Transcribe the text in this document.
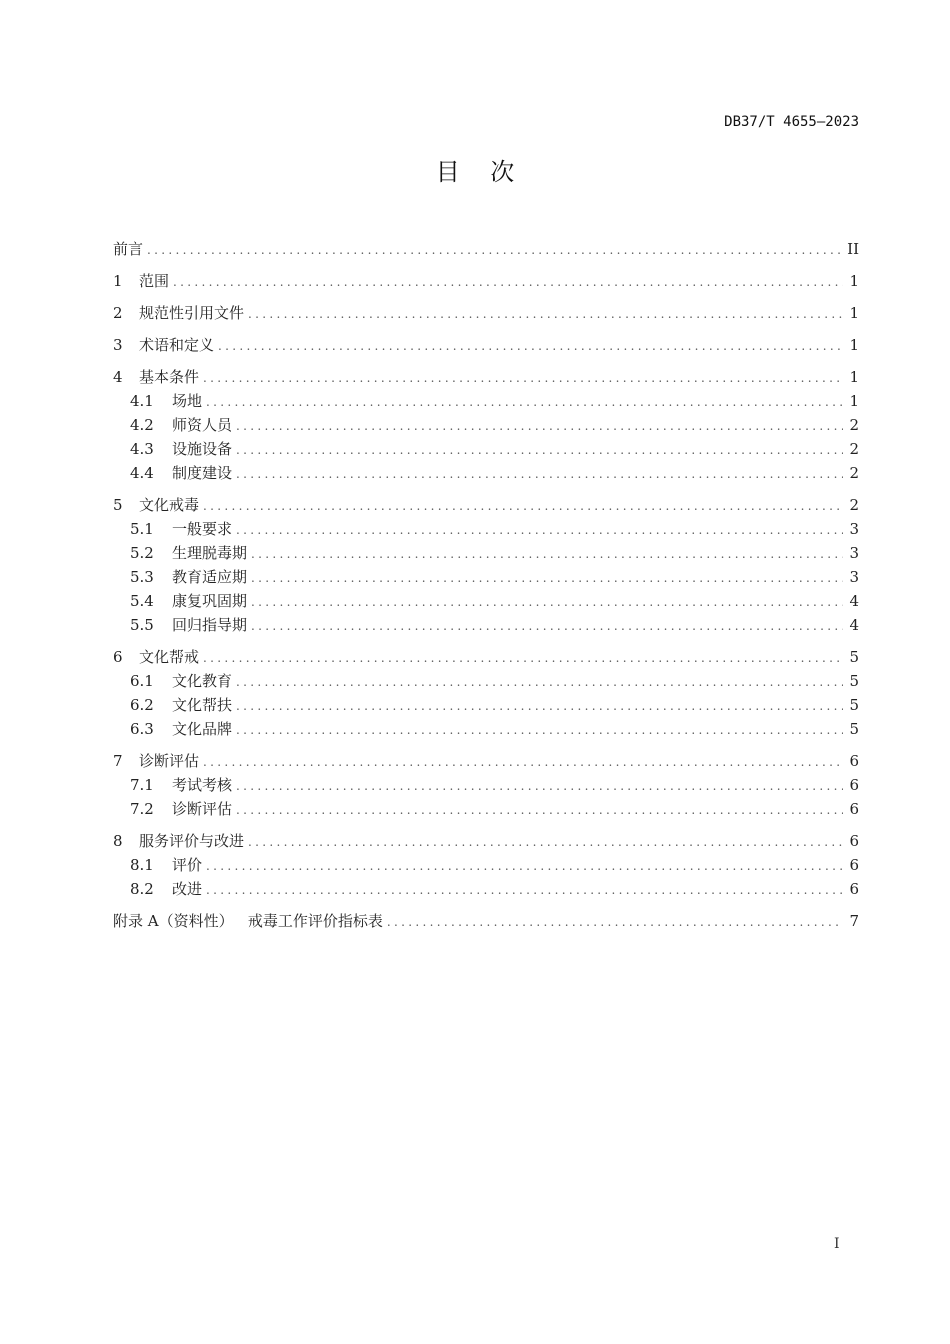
DB37/T 4655—2023
目    次
前言 .....	II
1	范围 .....	1
2	规范性引用文件 .....	1
3	术语和定义 .....	1
4	基本条件 .....	1
4.1	场地 .....	1
4.2	师资人员 .....	2
4.3	设施设备 .....	2
4.4	制度建设 .....	2
5	文化戒毒 .....	2
5.1	一般要求 .....	3
5.2	生理脱毒期 .....	3
5.3	教育适应期 .....	3
5.4	康复巩固期 .....	4
5.5	回归指导期 .....	4
6	文化帮戒 .....	5
6.1	文化教育 .....	5
6.2	文化帮扶 .....	5
6.3	文化品牌 .....	5
7	诊断评估 .....	6
7.1	考试考核 .....	6
7.2	诊断评估 .....	6
8	服务评价与改进 .....	6
8.1	评价 .....	6
8.2	改进 .....	6
附录 A（资料性）   戒毒工作评价指标表 .....	7
I
